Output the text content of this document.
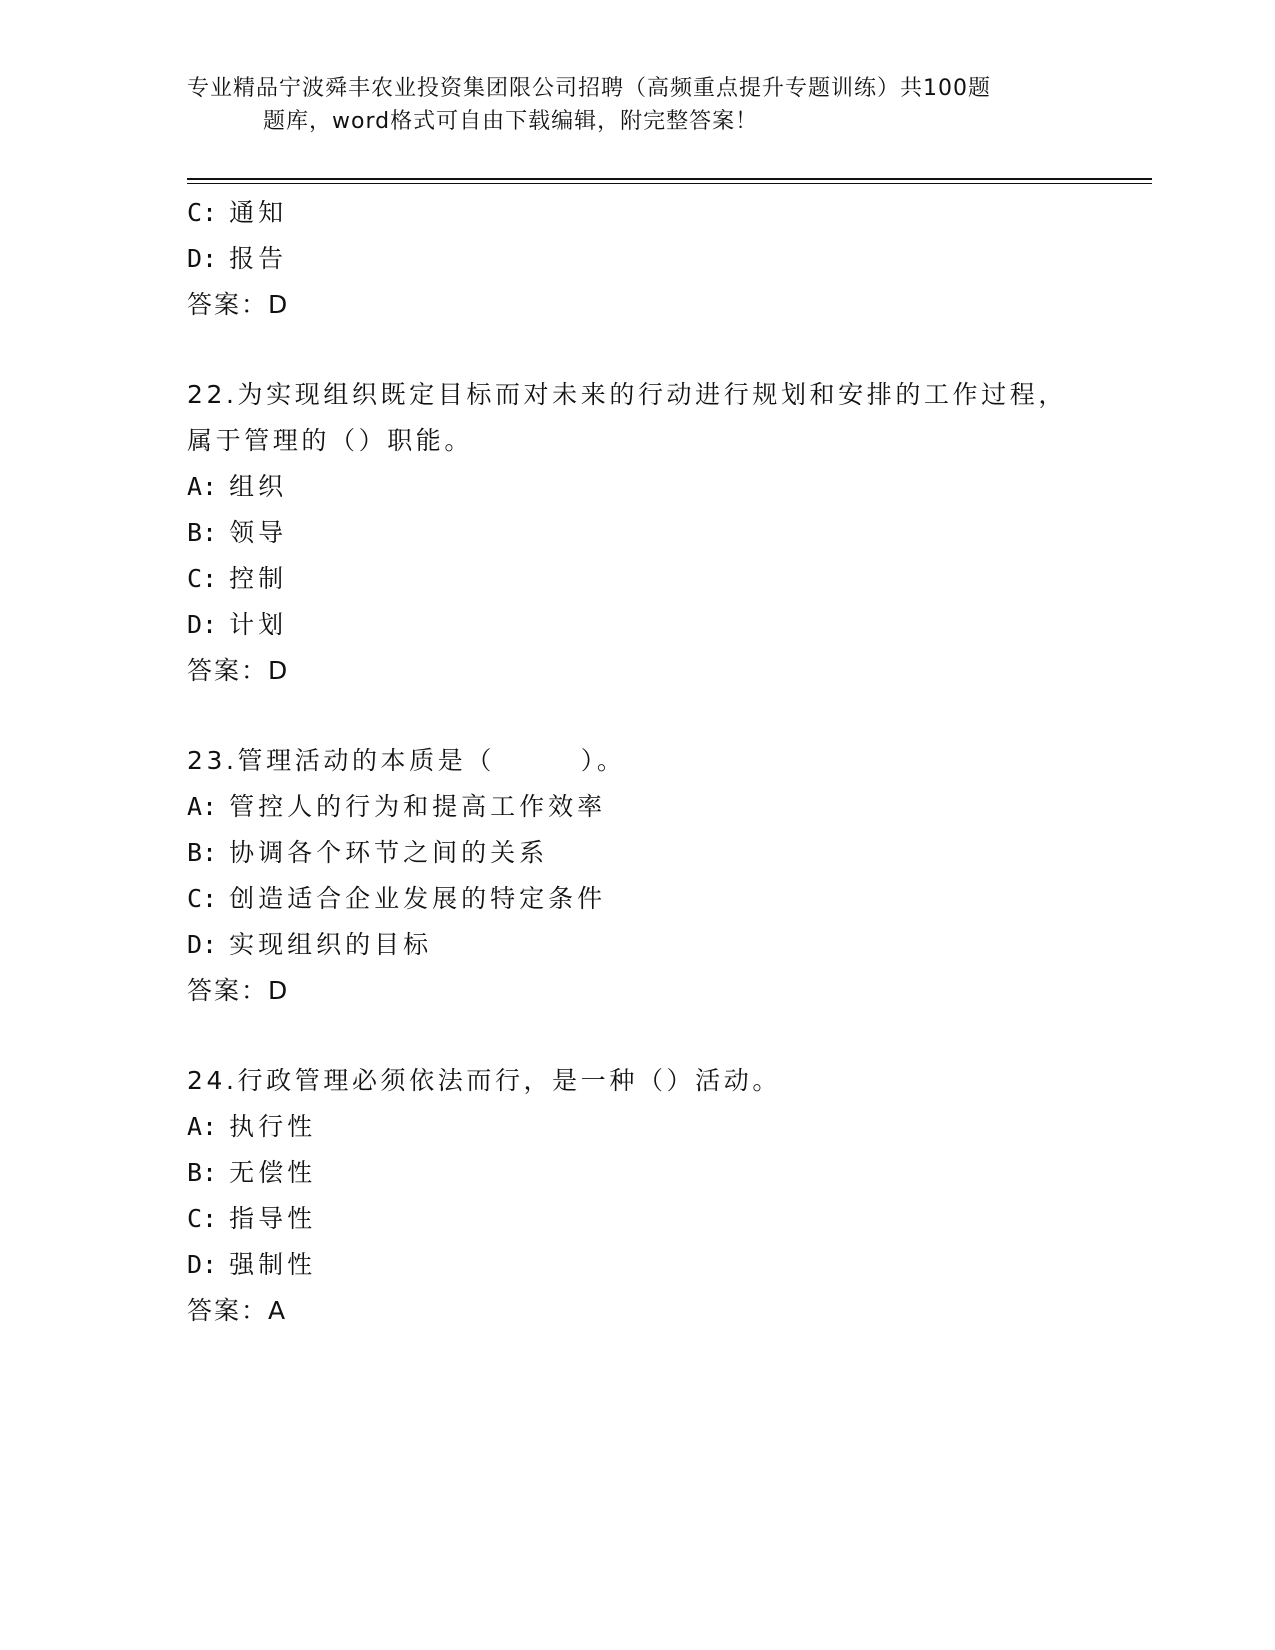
专业精品宁波舜丰农业投资集团限公司招聘（高频重点提升专题训练）共100题
题库，word格式可自由下载编辑，附完整答案！
C: 通知
D: 报告
答案：D
22.为实现组织既定目标而对未来的行动进行规划和安排的工作过程，
属于管理的（）职能。
A: 组织
B: 领导
C: 控制
D: 计划
答案：D
23.管理活动的本质是（　　　）。
A: 管控人的行为和提高工作效率
B: 协调各个环节之间的关系
C: 创造适合企业发展的特定条件
D: 实现组织的目标
答案：D
24.行政管理必须依法而行，是一种（）活动。
A: 执行性
B: 无偿性
C: 指导性
D: 强制性
答案：A
